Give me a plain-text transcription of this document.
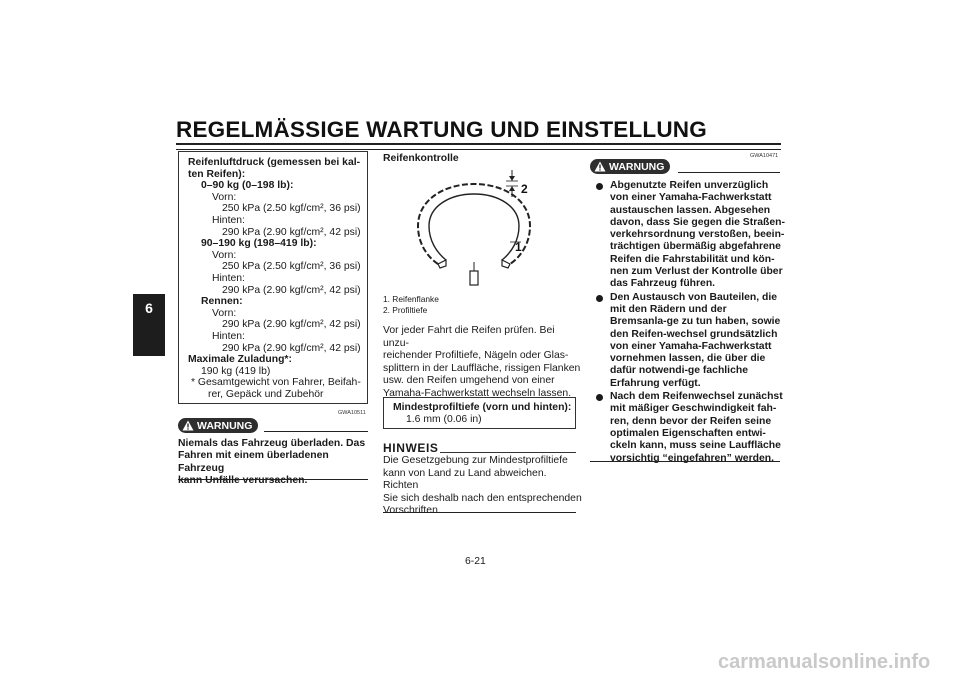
REGELMÄSSIGE WARTUNG UND EINSTELLUNG
6
Reifenluftdruck (gemessen bei kal-
ten Reifen):
0–90 kg (0–198 lb):
Vorn:
250 kPa (2.50 kgf/cm², 36 psi)
Hinten:
290 kPa (2.90 kgf/cm², 42 psi)
90–190 kg (198–419 lb):
Vorn:
250 kPa (2.50 kgf/cm², 36 psi)
Hinten:
290 kPa (2.90 kgf/cm², 42 psi)
Rennen:
Vorn:
290 kPa (2.90 kgf/cm², 42 psi)
Hinten:
290 kPa (2.90 kgf/cm², 42 psi)
Maximale Zuladung*:
190 kg (419 lb)
* Gesamtgewicht von Fahrer, Beifah-
rer, Gepäck und Zubehör
WARNUNG
GWA10511

Niemals das Fahrzeug überladen. Das
Fahren mit einem überladenen Fahrzeug
kann Unfälle verursachen.

Reifenkontrolle
2
1
1. Reifenflanke
2. Profiltiefe

Vor jeder Fahrt die Reifen prüfen. Bei unzu-
reichender Profiltiefe, Nägeln oder Glas-
splittern in der Lauffläche, rissigen Flanken
usw. den Reifen umgehend von einer
Yamaha-Fachwerkstatt wechseln lassen.

Mindestprofiltiefe (vorn und hinten):
1.6 mm (0.06 in)
HINWEIS

Die Gesetzgebung zur Mindestprofiltiefe
kann von Land zu Land abweichen. Richten
Sie sich deshalb nach den entsprechenden
Vorschriften.

WARNUNG
GWA10471
Abgenutzte Reifen unverzüglich von einer Yamaha-Fachwerkstatt austauschen lassen. Abgesehen davon, dass Sie gegen die Straßen-verkehrsordnung verstoßen, beein-trächtigen übermäßig abgefahrene Reifen die Fahrstabilität und kön-nen zum Verlust der Kontrolle über das Fahrzeug führen.
Den Austausch von Bauteilen, die mit den Rädern und der Bremsanla-ge zu tun haben, sowie den Reifen-wechsel grundsätzlich von einer Yamaha-Fachwerkstatt vornehmen lassen, die über die dafür notwendi-ge fachliche Erfahrung verfügt.
Nach dem Reifenwechsel zunächst mit mäßiger Geschwindigkeit fah-ren, denn bevor der Reifen seine optimalen Eigenschaften entwi-ckeln kann, muss seine Lauffläche vorsichtig “eingefahren” werden.

6-21

carmanualsonline.info
